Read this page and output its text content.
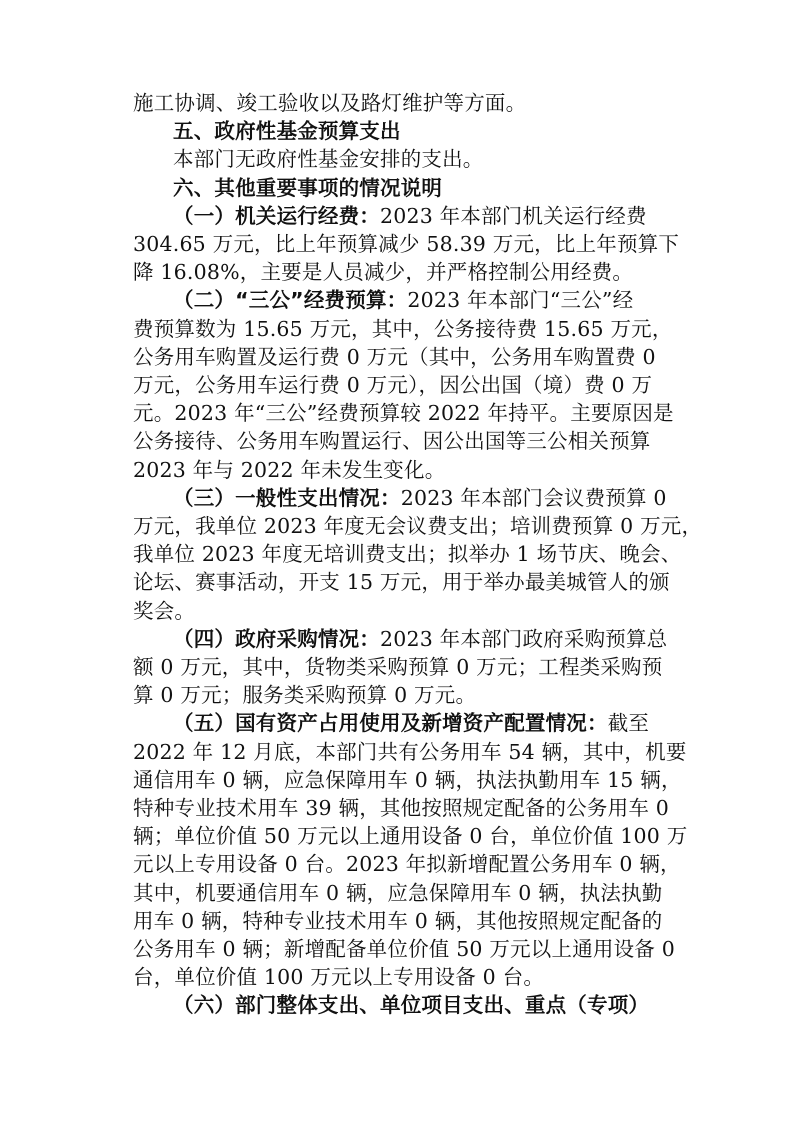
施工协调、竣工验收以及路灯维护等方面。
五、政府性基金预算支出
本部门无政府性基金安排的支出。
六、其他重要事项的情况说明
（一）机关运行经费：2023 年本部门机关运行经费
304.65 万元，比上年预算减少 58.39 万元，比上年预算下
降 16.08%，主要是人员减少，并严格控制公用经费。
（二）“三公”经费预算：2023 年本部门“三公”经
费预算数为 15.65 万元，其中，公务接待费 15.65 万元，
公务用车购置及运行费 0 万元（其中，公务用车购置费 0
万元，公务用车运行费 0 万元），因公出国（境）费 0 万
元。2023 年“三公”经费预算较 2022 年持平。主要原因是
公务接待、公务用车购置运行、因公出国等三公相关预算
2023 年与 2022 年未发生变化。
（三）一般性支出情况：2023 年本部门会议费预算 0
万元，我单位 2023 年度无会议费支出；培训费预算 0 万元，
我单位 2023 年度无培训费支出；拟举办 1 场节庆、晚会、
论坛、赛事活动，开支 15 万元，用于举办最美城管人的颁
奖会。
（四）政府采购情况：2023 年本部门政府采购预算总
额 0 万元，其中，货物类采购预算 0 万元；工程类采购预
算 0 万元；服务类采购预算 0 万元。
（五）国有资产占用使用及新增资产配置情况：截至
2022 年 12 月底，本部门共有公务用车 54 辆，其中，机要
通信用车 0 辆，应急保障用车 0 辆，执法执勤用车 15 辆，
特种专业技术用车 39 辆，其他按照规定配备的公务用车 0
辆；单位价值 50 万元以上通用设备 0 台，单位价值 100 万
元以上专用设备 0 台。2023 年拟新增配置公务用车 0 辆，
其中，机要通信用车 0 辆，应急保障用车 0 辆，执法执勤
用车 0 辆，特种专业技术用车 0 辆，其他按照规定配备的
公务用车 0 辆；新增配备单位价值 50 万元以上通用设备 0
台，单位价值 100 万元以上专用设备 0 台。
（六）部门整体支出、单位项目支出、重点（专项）
